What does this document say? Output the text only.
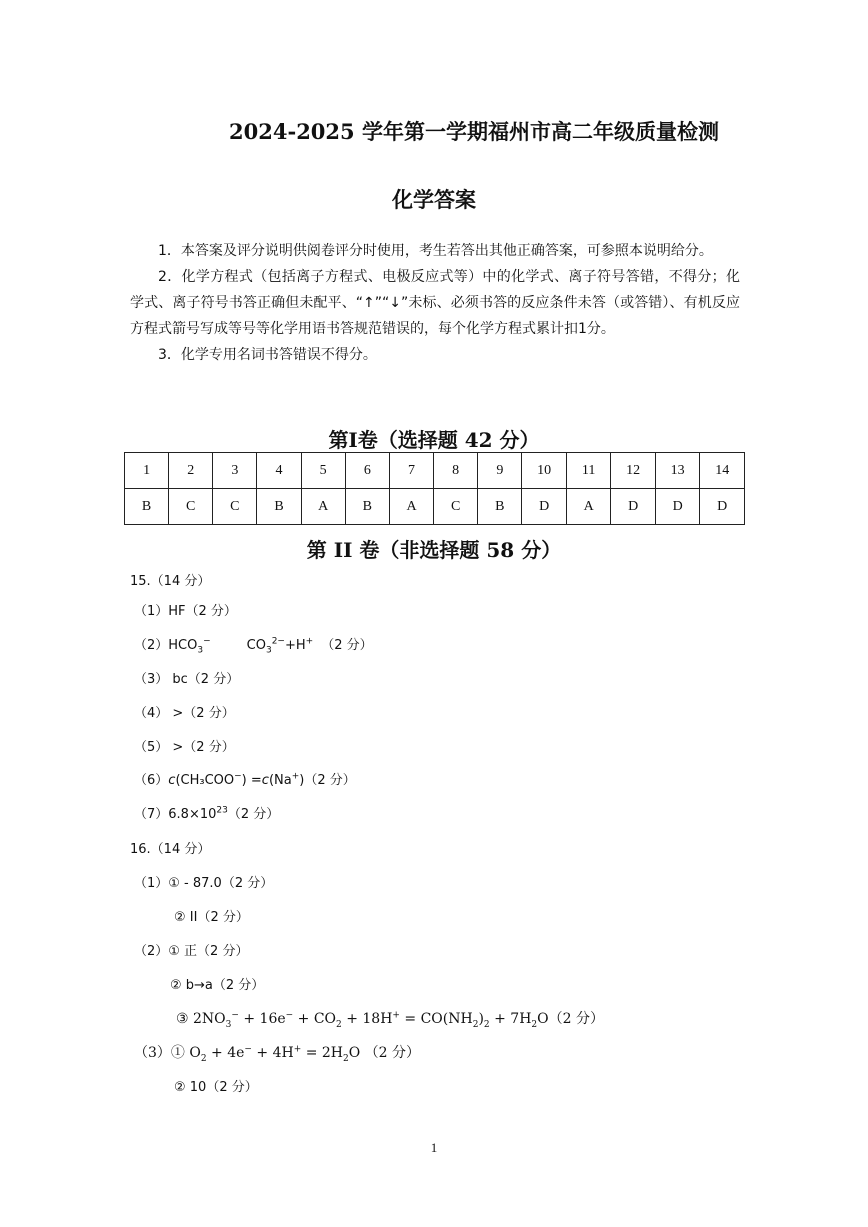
2024-2025 学年第一学期福州市高二年级质量检测
化学答案

1．本答案及评分说明供阅卷评分时使用，考生若答出其他正确答案，可参照本说明给分。

2．化学方程式（包括离子方程式、电极反应式等）中的化学式、离子符号答错，不得分；化学式、离子符号书答正确但未配平、“↑”“↓”未标、必须书答的反应条件未答（或答错）、有机反应方程式箭号写成等号等化学用语书答规范错误的，每个化学方程式累计扣1分。

3．化学专用名词书答错误不得分。

第I卷（选择题 42 分）
1	2	3	4	5	6	7	8	9	10	11	12	13	14
B	C	C	B	A	B	A	C	B	D	A	D	D	D
第 II 卷（非选择题 58 分）
15.（14 分）
（1）HF（2 分）
$(2)HCO_3^-$	$CO_3^{2-}+H^+$ （2 分）
（3） bc（2 分）
（4） >（2 分）
（5） >（2 分）
（6）c(CH₃COO−) =c(Na+)（2 分）
$(7)6.8\times 10^{23}(2$ 分）
16.（14 分）
（1）① - 87.0（2 分）
② II（2 分）
（2）① 正（2 分）
② b→a（2 分）
③ $2NO_3^- + 16e^- + CO_2 + 18H^+ = CO(NH_2)_2 + 7H_2O(2$ 分）
（3）① $O_2 + 4e^- + 4H^+ = 2H_2O$ （2 分）
② 10（2 分）
1
